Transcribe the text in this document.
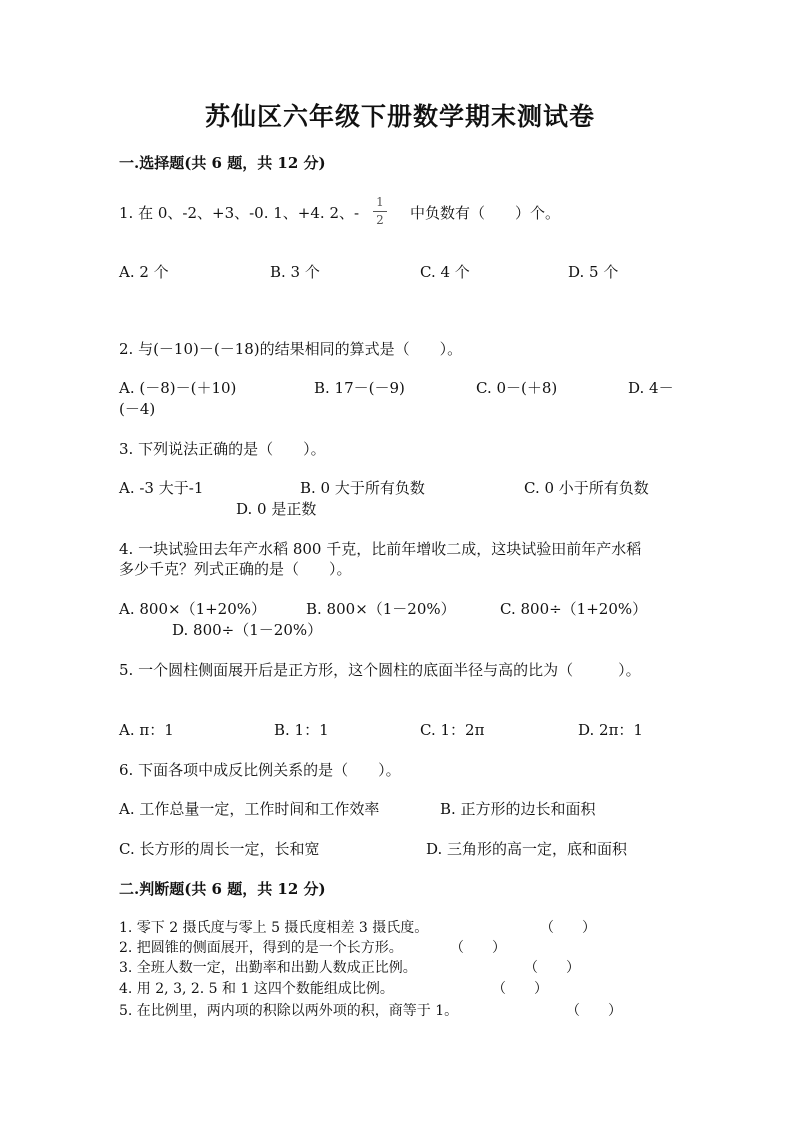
苏仙区六年级下册数学期末测试卷
一.选择题(共 6 题，共 12 分)
1. 在 0、-2、+3、-0. 1、+4. 2、-
1
2 中负数有（　　）个。
A. 2 个	B. 3 个	C. 4 个	D. 5 个
2. 与(－10)－(－18)的结果相同的算式是（　　）。
A. (－8)－(＋10)	B. 17－(－9)	C. 0－(＋8)	D. 4－
(－4)
3. 下列说法正确的是（　　）。
A. -3 大于-1	B. 0 大于所有负数	C. 0 小于所有负数
D. 0 是正数
4. 一块试验田去年产水稻 800 千克，比前年增收二成，这块试验田前年产水稻
多少千克？列式正确的是（　　）。
A. 800×（1+20%）	B. 800×（1－20%）	C. 800÷（1+20%）
D. 800÷（1－20%）
5. 一个圆柱侧面展开后是正方形，这个圆柱的底面半径与高的比为（　　　）。
A. π：1	B. 1：1	C. 1：2π	D. 2π：1
6. 下面各项中成反比例关系的是（　　）。
A. 工作总量一定，工作时间和工作效率	B. 正方形的边长和面积
C. 长方形的周长一定，长和宽	D. 三角形的高一定，底和面积
二.判断题(共 6 题，共 12 分)
1. 零下 2 摄氏度与零上 5 摄氏度相差 3 摄氏度。	（　　）
2. 把圆锥的侧面展开，得到的是一个长方形。	（　　）
3. 全班人数一定，出勤率和出勤人数成正比例。	（　　）
4. 用 2, 3, 2. 5 和 1 这四个数能组成比例。	（　　）
5. 在比例里，两内项的积除以两外项的积，商等于 1。	（　　）
